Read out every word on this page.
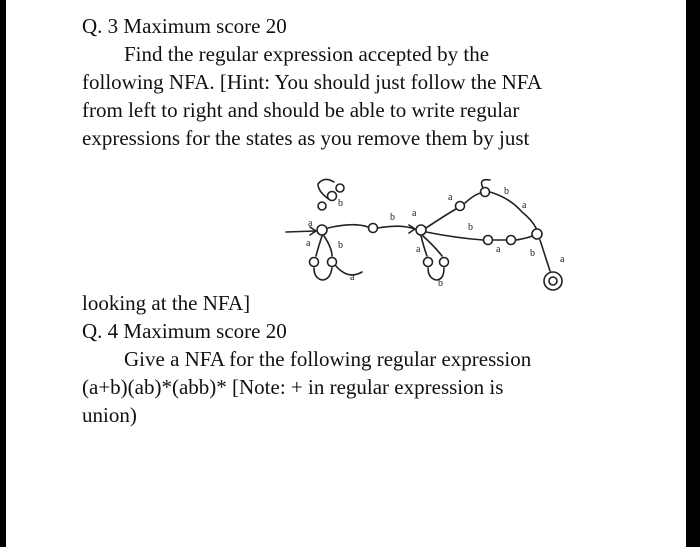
Q. 3 Maximum score 20
Find the regular expression accepted by the
following NFA. [Hint: You should just follow the NFA
from left to right and should be able to write regular
expressions for the states as you remove them by just
looking at the NFA]
Q. 4 Maximum score 20
Give a NFA for the following regular expression
(a+b)(ab)*(abb)* [Note: + in regular expression is
union)
a
b
a	b
a
b a
a
b
a
b
a
a
b
b
a
